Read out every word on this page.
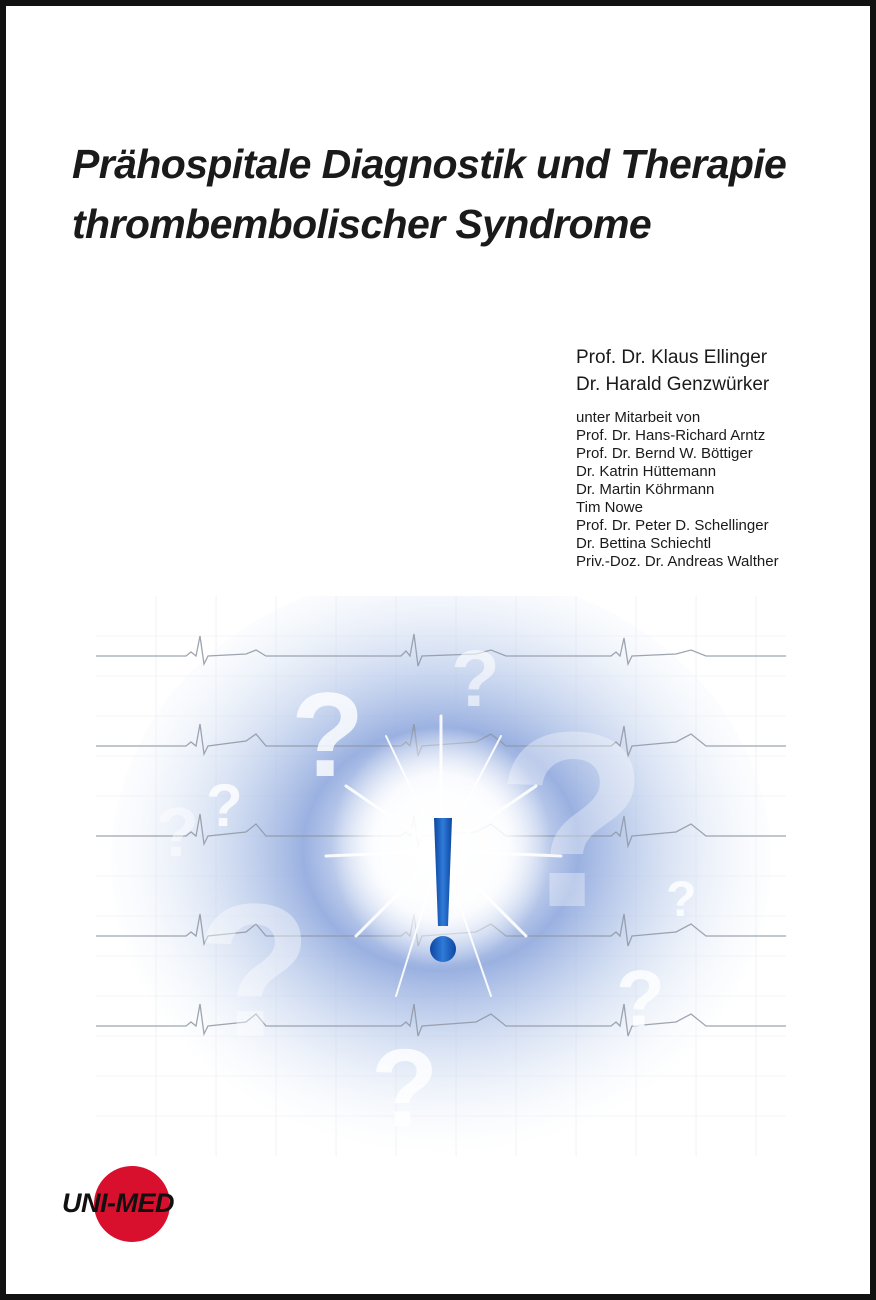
Prähospitale Diagnostik und Therapie
thrombembolischer Syndrome
Prof. Dr. Klaus Ellinger
Dr. Harald Genzwürker
unter Mitarbeit von
Prof. Dr. Hans-Richard Arntz
Prof. Dr. Bernd W. Böttiger
Dr. Katrin Hüttemann
Dr. Martin Köhrmann
Tim Nowe
Prof. Dr. Peter D. Schellinger
Dr. Bettina Schiechtl
Priv.-Doz. Dr. Andreas Walther
?
?
?
?
? ?
?	?
?
UNI-MED
